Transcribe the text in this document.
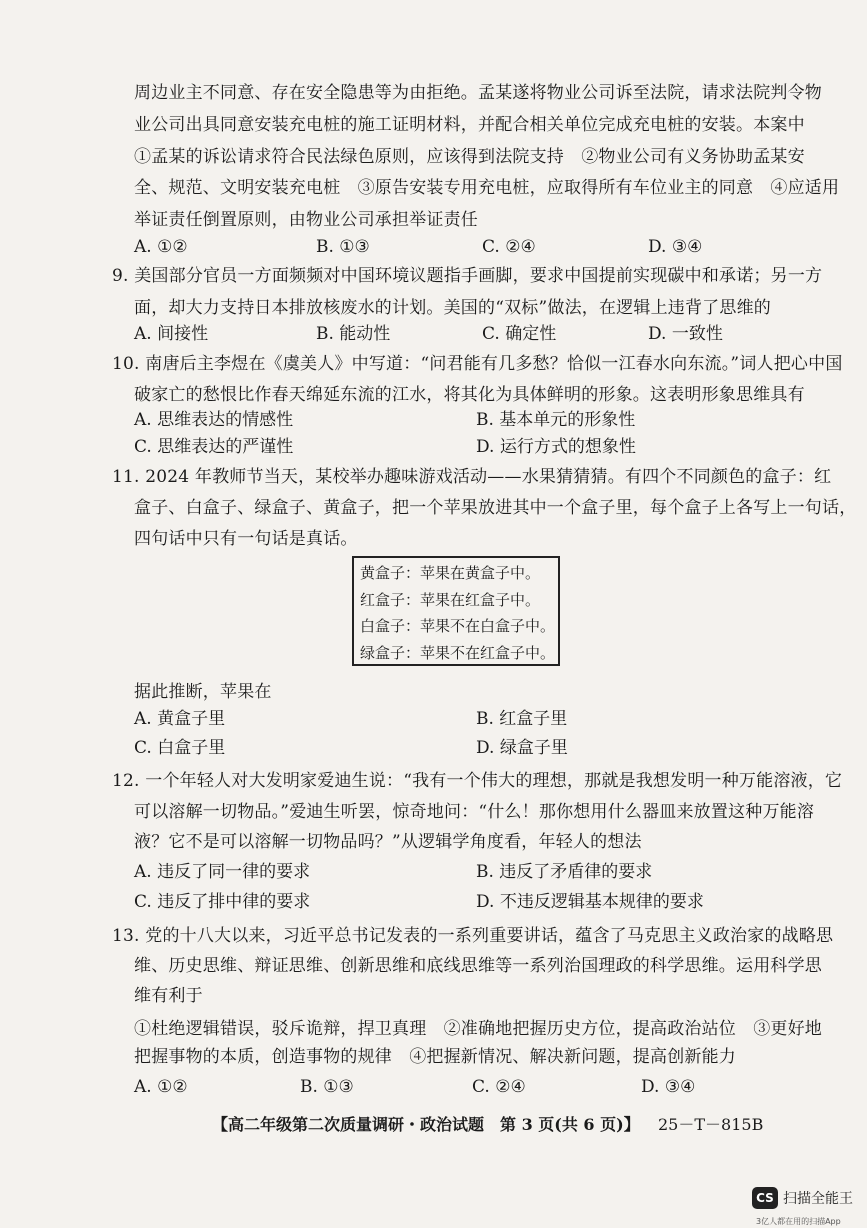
周边业主不同意、存在安全隐患等为由拒绝。孟某遂将物业公司诉至法院，请求法院判令物
业公司出具同意安装充电桩的施工证明材料，并配合相关单位完成充电桩的安装。本案中
①孟某的诉讼请求符合民法绿色原则，应该得到法院支持　②物业公司有义务协助孟某安
全、规范、文明安装充电桩　③原告安装专用充电桩，应取得所有车位业主的同意　④应适用
举证责任倒置原则，由物业公司承担举证责任
A. ①②	B. ①③	C. ②④	D. ③④
9. 美国部分官员一方面频频对中国环境议题指手画脚，要求中国提前实现碳中和承诺；另一方
面，却大力支持日本排放核废水的计划。美国的“双标”做法，在逻辑上违背了思维的
A. 间接性	B. 能动性	C. 确定性	D. 一致性
10. 南唐后主李煜在《虞美人》中写道：“问君能有几多愁？恰似一江春水向东流。”词人把心中国
破家亡的愁恨比作春天绵延东流的江水，将其化为具体鲜明的形象。这表明形象思维具有
A. 思维表达的情感性	B. 基本单元的形象性
C. 思维表达的严谨性	D. 运行方式的想象性
11. 2024 年教师节当天，某校举办趣味游戏活动——水果猜猜猜。有四个不同颜色的盒子：红
盒子、白盒子、绿盒子、黄盒子，把一个苹果放进其中一个盒子里，每个盒子上各写上一句话，
四句话中只有一句话是真话。
黄盒子：苹果在黄盒子中。
红盒子：苹果在红盒子中。
白盒子：苹果不在白盒子中。
绿盒子：苹果不在红盒子中。
据此推断，苹果在
A. 黄盒子里	B. 红盒子里
C. 白盒子里	D. 绿盒子里
12. 一个年轻人对大发明家爱迪生说：“我有一个伟大的理想，那就是我想发明一种万能溶液，它
可以溶解一切物品。”爱迪生听罢，惊奇地问：“什么！那你想用什么器皿来放置这种万能溶
液？它不是可以溶解一切物品吗？”从逻辑学角度看，年轻人的想法
A. 违反了同一律的要求	B. 违反了矛盾律的要求
C. 违反了排中律的要求	D. 不违反逻辑基本规律的要求
13. 党的十八大以来，习近平总书记发表的一系列重要讲话，蕴含了马克思主义政治家的战略思
维、历史思维、辩证思维、创新思维和底线思维等一系列治国理政的科学思维。运用科学思
维有利于
①杜绝逻辑错误，驳斥诡辩，捍卫真理　②准确地把握历史方位，提高政治站位　③更好地
把握事物的本质，创造事物的规律　④把握新情况、解决新问题，提高创新能力
A. ①②	B. ①③	C. ②④	D. ③④
【高二年级第二次质量调研・政治试题　第 3 页(共 6 页)】 25－T－815B
CS 扫描全能王
3亿人都在用的扫描App
